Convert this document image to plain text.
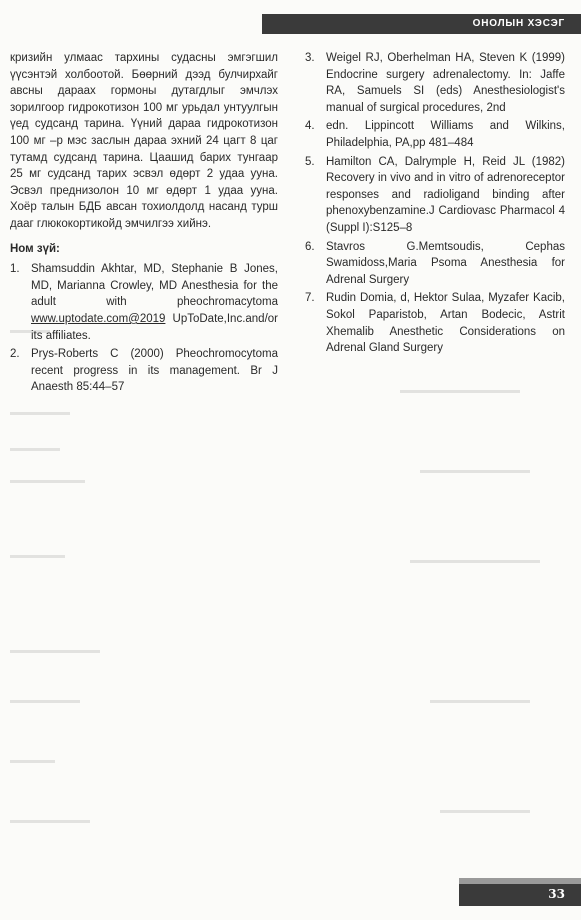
ОНОЛЫН ХЭСЭГ

кризийн улмаас тархины судасны эмгэгшил үүсэнтэй холбоотой. Бөөрний дээд булчирхайг авсны дараах гормоны дутагдлыг эмчлэх зорилгоор гидрокотизон 100 мг урьдал унтуулгын үед судсанд тарина. Үүний дараа гидрокотизон 100 мг –р мэс заслын дараа эхний 24 цагт 8 цаг тутамд судсанд тарина. Цаашид барих тунгаар 25 мг судсанд тарих эсвэл өдөрт 2 удаа ууна. Эсвэл преднизолон 10 мг өдөрт 1 удаа ууна. Хоёр талын БДБ авсан тохиолдолд насанд турш дааг глюкокортикойд эмчилгээ хийнэ.

Ном зүй:
1. Shamsuddin Akhtar, MD, Stephanie B Jones, MD, Marianna Crowley, MD Anesthesia for the adult with pheochromacytoma www.uptodate.com@2019 UpToDate,Inc.and/or its affiliates.
2. Prys-Roberts C (2000) Pheochromocytoma recent progress in its management. Br J Anaesth 85:44–57
3. Weigel RJ, Oberhelman HA, Steven K (1999) Endocrine surgery adrenalectomy. In: Jaffe RA, Samuels SI (eds) Anesthesiologist's manual of surgical procedures, 2nd
4. edn. Lippincott Williams and Wilkins, Philadelphia, PA,pp 481–484
5. Hamilton CA, Dalrymple H, Reid JL (1982) Recovery in vivo and in vitro of adrenoreceptor responses and radioligand binding after phenoxybenzamine.J Cardiovasc Pharmacol 4 (Suppl I):S125–8
6. Stavros G.Memtsoudis, Cephas Swamidoss,Maria Psoma Anesthesia for Adrenal Surgery
7. Rudin Domia, d, Hektor Sulaa, Myzafer Kacib, Sokol Paparistob, Artan Bodecic, Astrit Xhemalib Anesthetic Considerations on Adrenal Gland Surgery
33
